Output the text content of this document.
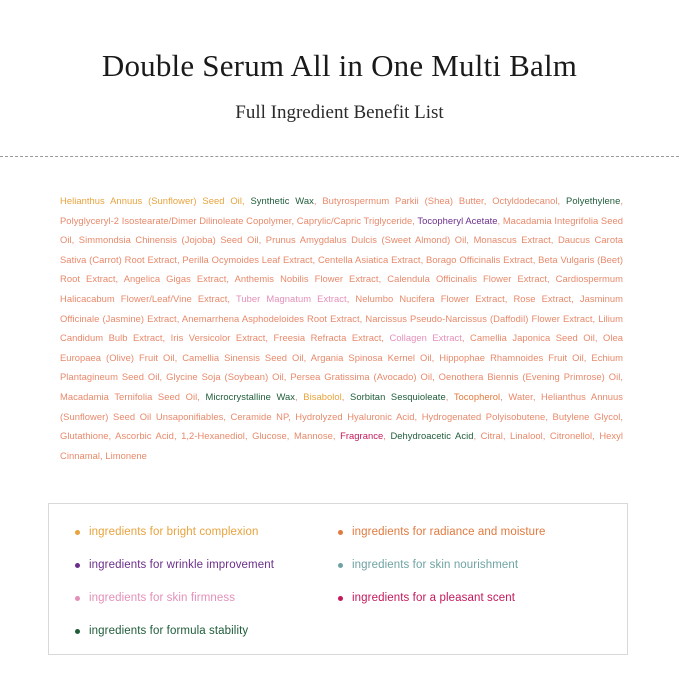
Double Serum All in One Multi Balm
Full Ingredient Benefit List
Helianthus Annuus (Sunflower) Seed Oil, Synthetic Wax, Butyrospermum Parkii (Shea) Butter, Octyldodecanol, Polyethylene, Polyglyceryl-2 Isostearate/Dimer Dilinoleate Copolymer, Caprylic/Capric Triglyceride, Tocopheryl Acetate, Macadamia Integrifolia Seed Oil, Simmondsia Chinensis (Jojoba) Seed Oil, Prunus Amygdalus Dulcis (Sweet Almond) Oil, Monascus Extract, Daucus Carota Sativa (Carrot) Root Extract, Perilla Ocymoides Leaf Extract, Centella Asiatica Extract, Borago Officinalis Extract, Beta Vulgaris (Beet) Root Extract, Angelica Gigas Extract, Anthemis Nobilis Flower Extract, Calendula Officinalis Flower Extract, Cardiospermum Halicacabum Flower/Leaf/Vine Extract, Tuber Magnatum Extract, Nelumbo Nucifera Flower Extract, Rose Extract, Jasminum Officinale (Jasmine) Extract, Anemarrhena Asphodeloides Root Extract, Narcissus Pseudo-Narcissus (Daffodil) Flower Extract, Lilium Candidum Bulb Extract, Iris Versicolor Extract, Freesia Refracta Extract, Collagen Extract, Camellia Japonica Seed Oil, Olea Europaea (Olive) Fruit Oil, Camellia Sinensis Seed Oil, Argania Spinosa Kernel Oil, Hippophae Rhamnoides Fruit Oil, Echium Plantagineum Seed Oil, Glycine Soja (Soybean) Oil, Persea Gratissima (Avocado) Oil, Oenothera Biennis (Evening Primrose) Oil, Macadamia Ternifolia Seed Oil, Microcrystalline Wax, Bisabolol, Sorbitan Sesquioleate, Tocopherol, Water, Helianthus Annuus (Sunflower) Seed Oil Unsaponifiables, Ceramide NP, Hydrolyzed Hyaluronic Acid, Hydrogenated Polyisobutene, Butylene Glycol, Glutathione, Ascorbic Acid, 1,2-Hexanediol, Glucose, Mannose, Fragrance, Dehydroacetic Acid, Citral, Linalool, Citronellol, Hexyl Cinnamal, Limonene
ingredients for bright complexion	ingredients for radiance and moisture
ingredients for wrinkle improvement	ingredients for skin nourishment
ingredients for skin firmness	ingredients for a pleasant scent
ingredients for formula stability
